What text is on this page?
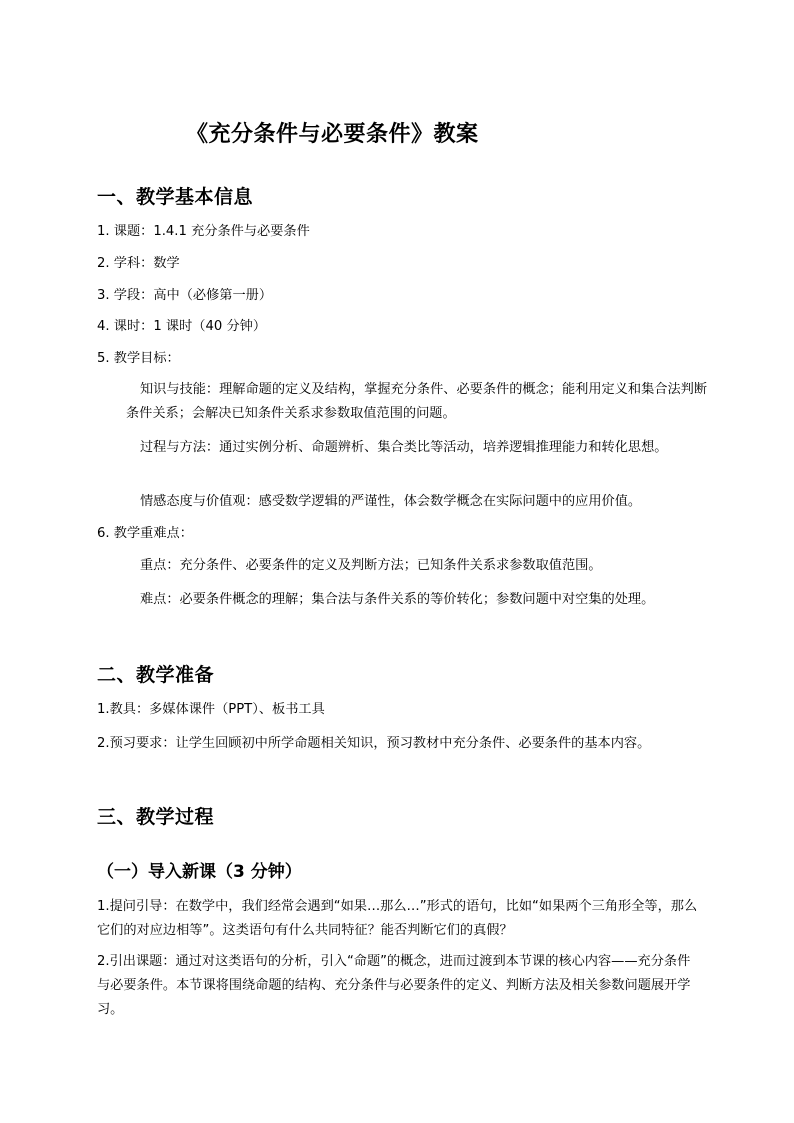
《充分条件与必要条件》教案
一、教学基本信息
1. 课题：1.4.1 充分条件与必要条件
2. 学科：数学
3. 学段：高中（必修第一册）
4. 课时：1 课时（40 分钟）
5. 教学目标：
知识与技能：理解命题的定义及结构，掌握充分条件、必要条件的概念；能利用定义和集合法判断条件关系；会解决已知条件关系求参数取值范围的问题。
过程与方法：通过实例分析、命题辨析、集合类比等活动，培养逻辑推理能力和转化思想。
情感态度与价值观：感受数学逻辑的严谨性，体会数学概念在实际问题中的应用价值。
6. 教学重难点：
重点：充分条件、必要条件的定义及判断方法；已知条件关系求参数取值范围。
难点：必要条件概念的理解；集合法与条件关系的等价转化；参数问题中对空集的处理。
二、教学准备
1.教具：多媒体课件（PPT）、板书工具
2.预习要求：让学生回顾初中所学命题相关知识，预习教材中充分条件、必要条件的基本内容。
三、教学过程
（一）导入新课（3 分钟）
1.提问引导：在数学中，我们经常会遇到“如果…那么…”形式的语句，比如“如果两个三角形全等，那么它们的对应边相等”。这类语句有什么共同特征？能否判断它们的真假？
2.引出课题：通过对这类语句的分析，引入“命题”的概念，进而过渡到本节课的核心内容——充分条件与必要条件。本节课将围绕命题的结构、充分条件与必要条件的定义、判断方法及相关参数问题展开学习。
